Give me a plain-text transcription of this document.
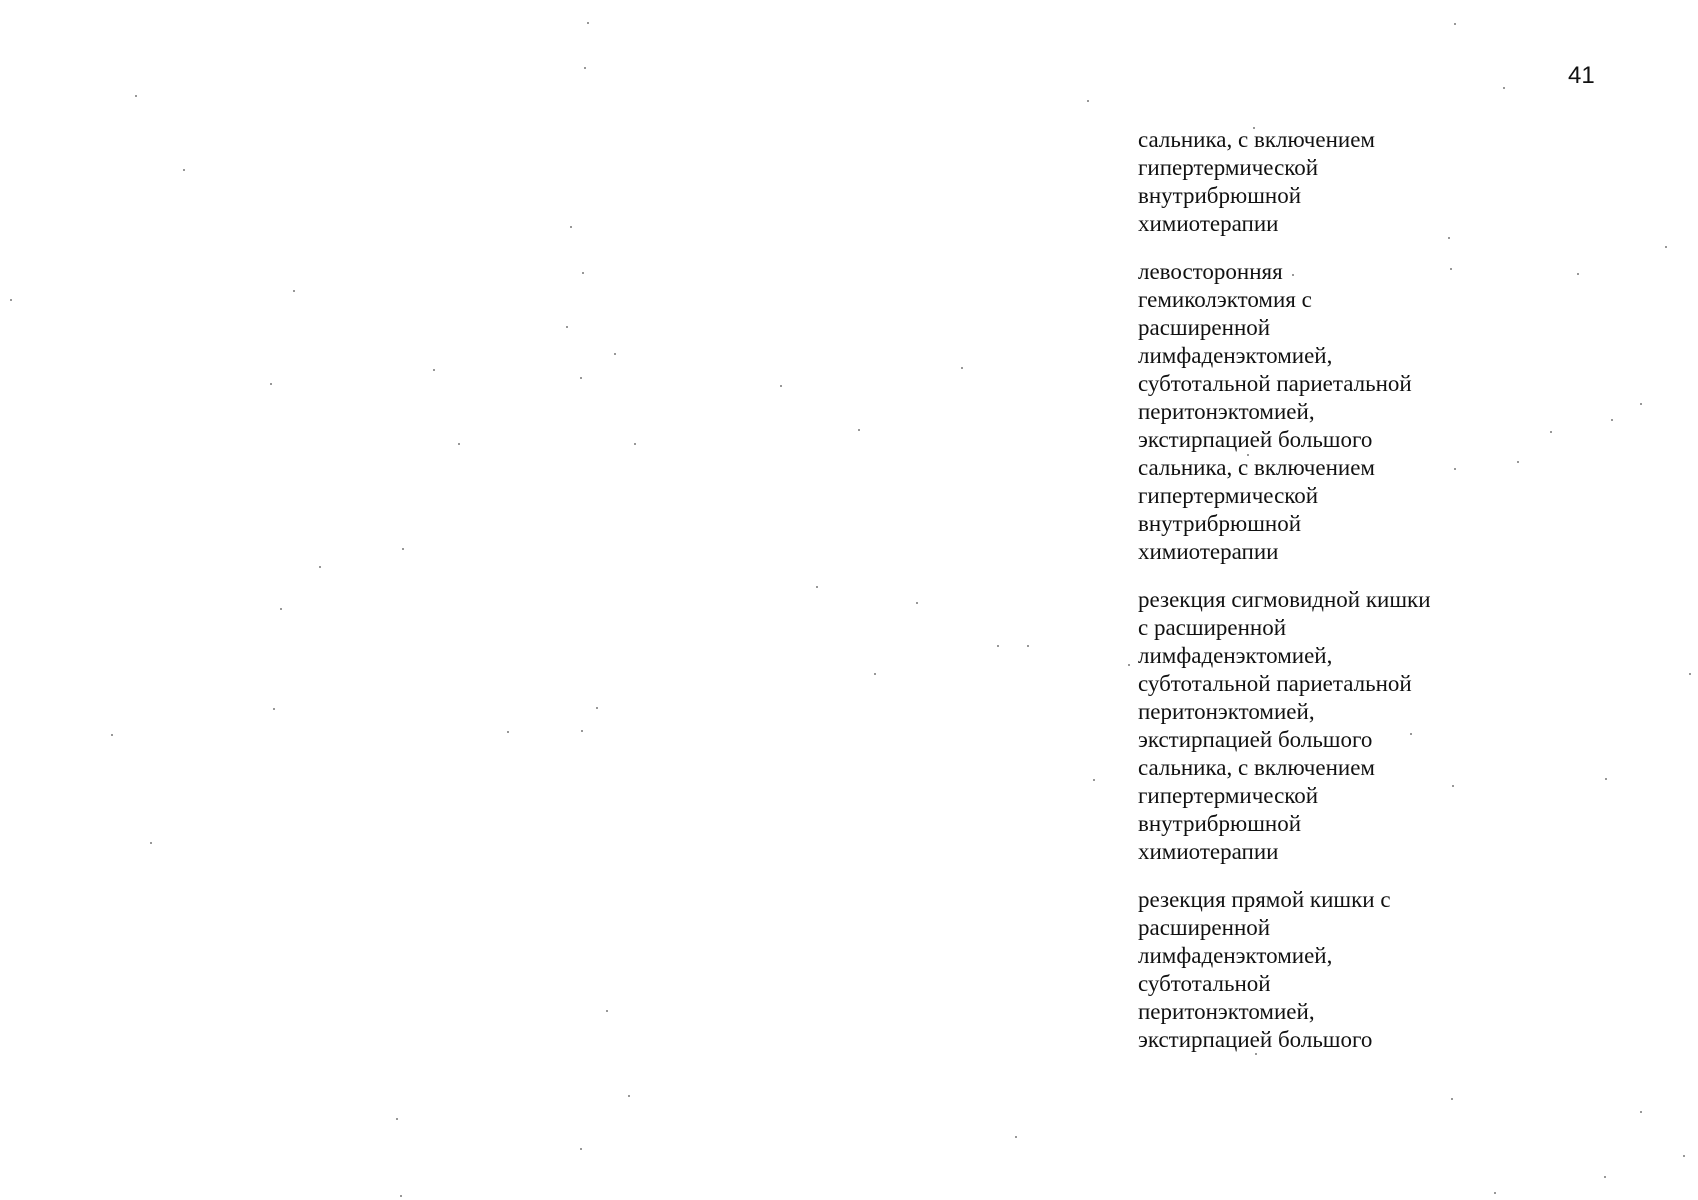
41

сальника, с включением
гипертермической
внутрибрюшной
химиотерапии

левосторонняя
гемиколэктомия с
расширенной
лимфаденэктомией,
субтотальной париетальной
перитонэктомией,
экстирпацией большого
сальника, с включением
гипертермической
внутрибрюшной
химиотерапии

резекция сигмовидной кишки
с расширенной
лимфаденэктомией,
субтотальной париетальной
перитонэктомией,
экстирпацией большого
сальника, с включением
гипертермической
внутрибрюшной
химиотерапии

резекция прямой кишки с
расширенной
лимфаденэктомией,
субтотальной
перитонэктомией,
экстирпацией большого
